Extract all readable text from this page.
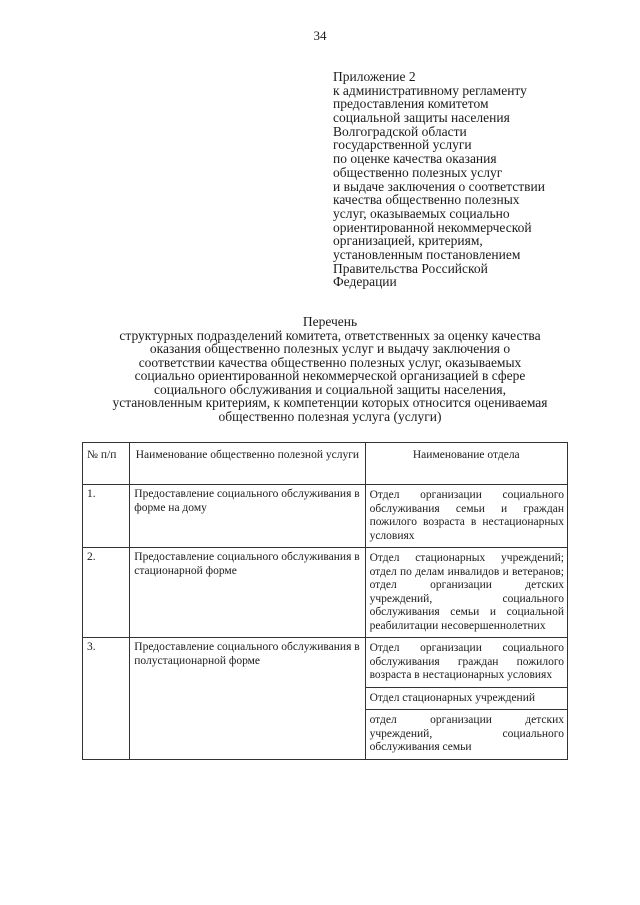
34
Приложение 2
к административному регламенту
предоставления комитетом
социальной защиты населения
Волгоградской области
государственной услуги
по оценке качества оказания
общественно полезных услуг
и выдаче заключения о соответствии
качества общественно полезных
услуг, оказываемых социально
ориентированной некоммерческой
организацией, критериям,
установленным постановлением
Правительства Российской
Федерации
Перечень
структурных подразделений комитета, ответственных за оценку качества
оказания общественно полезных услуг и выдачу заключения о
соответствии качества общественно полезных услуг, оказываемых
социально ориентированной некоммерческой организацией в сфере
социального обслуживания и социальной защиты населения,
установленным критериям, к компетенции которых относится оцениваемая
общественно полезная услуга (услуги)
№ п/п	Наименование общественно полезной услуги	Наименование отдела
1.	Предоставление социального обслуживания в форме на дому	Отдел организации социального обслуживания семьи и граждан пожилого возраста в нестационарных условиях

2.	Предоставление социального обслуживания в стационарной форме	Отдел стационарных учреждений; отдел по делам инвалидов и ветеранов; отдел организации детских учреждений, социального обслуживания семьи и социальной реабилитации несовершеннолетних

3.	Предоставление социального обслуживания в полустационарной форме	Отдел организации социального обслуживания граждан пожилого возраста в нестационарных условиях
Отдел стационарных учреждений
отдел организации детских учреждений, социального обслуживания семьи
